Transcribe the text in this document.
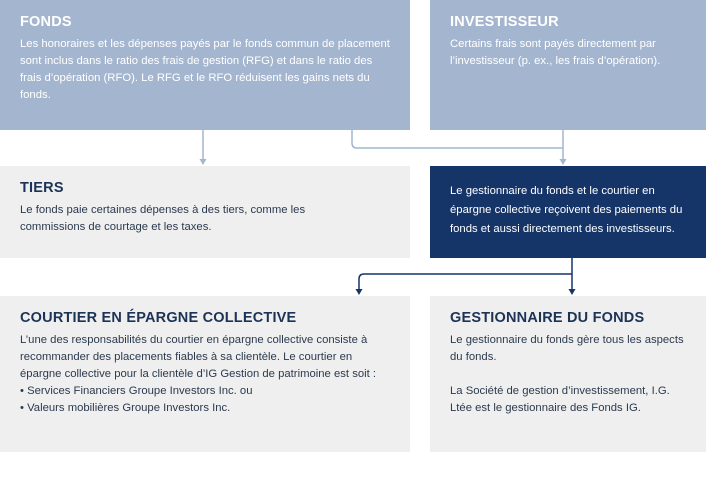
FONDS

Les honoraires et les dépenses payés par le fonds commun de placement sont inclus dans le ratio des frais de gestion (RFG) et dans le ratio des frais d’opération (RFO). Le RFG et le RFO réduisent les gains nets du fonds.

INVESTISSEUR

Certains frais sont payés directement par l’investisseur (p. ex., les frais d’opération).

TIERS

Le fonds paie certaines dépenses à des tiers, comme les commissions de courtage et les taxes.

Le gestionnaire du fonds et le courtier en épargne collective reçoivent des paiements du fonds et aussi directement des investisseurs.

COURTIER EN ÉPARGNE COLLECTIVE

L’une des responsabilités du courtier en épargne collective consiste à recommander des placements fiables à sa clientèle. Le courtier en épargne collective pour la clientèle d’IG Gestion de patrimoine est soit :

• Services Financiers Groupe Investors Inc. ou

• Valeurs mobilières Groupe Investors Inc.

GESTIONNAIRE DU FONDS

Le gestionnaire du fonds gère tous les aspects du fonds.

La Société de gestion d’investissement, I.G. Ltée est le gestionnaire des Fonds IG.
